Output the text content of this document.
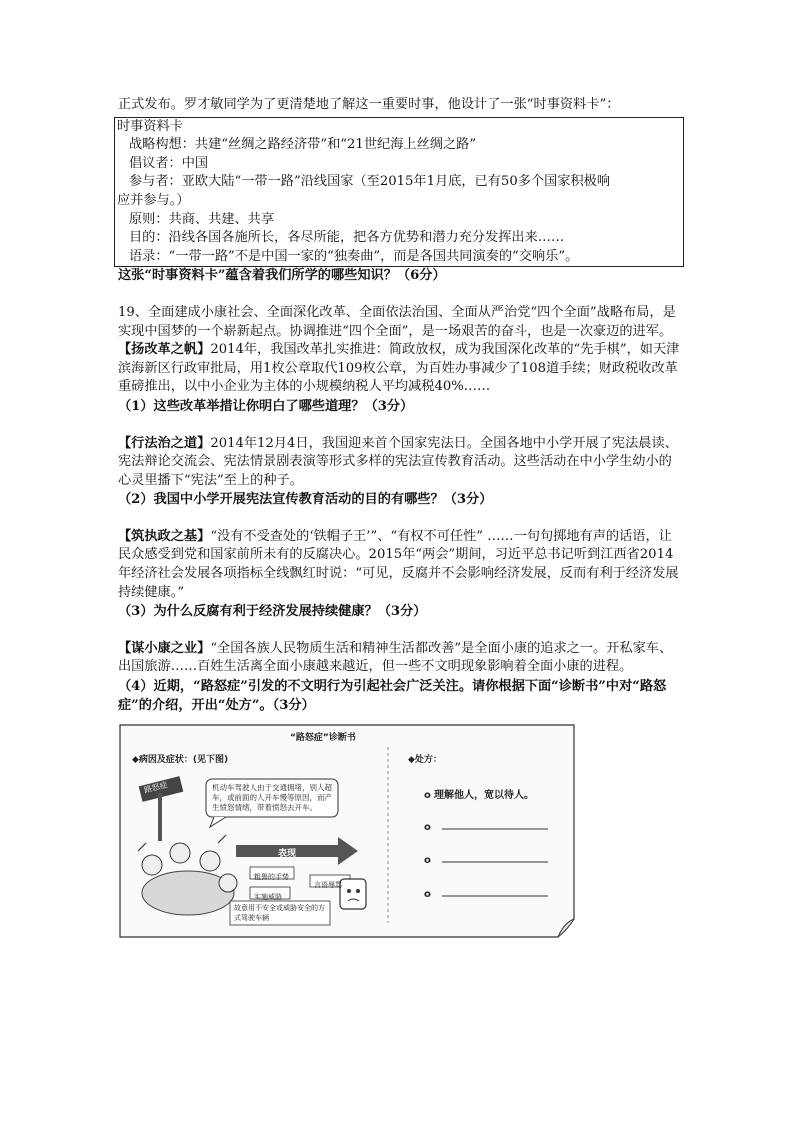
正式发布。罗才敏同学为了更清楚地了解这一重要时事，他设计了一张“时事资料卡”：

时事资料卡

战略构想：共建“丝绸之路经济带”和“21世纪海上丝绸之路”

倡议者：中国

参与者：亚欧大陆“一带一路”沿线国家（至2015年1月底，已有50多个国家积极响

应并参与。）

原则：共商、共建、共享

目的：沿线各国各施所长，各尽所能，把各方优势和潜力充分发挥出来……

语录：“一带一路”不是中国一家的“独奏曲”，而是各国共同演奏的“交响乐”。

这张“时事资料卡”蕴含着我们所学的哪些知识？（6分）

19、全面建成小康社会、全面深化改革、全面依法治国、全面从严治党“四个全面”战略布局，是实现中国梦的一个崭新起点。协调推进“四个全面”，是一场艰苦的奋斗，也是一次豪迈的进军。

【扬改革之帆】2014年，我国改革扎实推进：简政放权，成为我国深化改革的“先手棋”，如天津滨海新区行政审批局，用1枚公章取代109枚公章，为百姓办事减少了108道手续；财政税收改革重磅推出，以中小企业为主体的小规模纳税人平均减税40%……

（1）这些改革举措让你明白了哪些道理？（3分）

【行法治之道】2014年12月4日，我国迎来首个国家宪法日。全国各地中小学开展了宪法晨读、宪法辩论交流会、宪法情景剧表演等形式多样的宪法宣传教育活动。这些活动在中小学生幼小的心灵里播下“宪法”至上的种子。

（2）我国中小学开展宪法宣传教育活动的目的有哪些？（3分）

【筑执政之基】“没有不受查处的‘铁帽子王’”、“有权不可任性” ……一句句掷地有声的话语，让民众感受到党和国家前所未有的反腐决心。2015年“两会”期间，习近平总书记听到江西省2014年经济社会发展各项指标全线飘红时说：“可见，反腐并不会影响经济发展，反而有利于经济发展持续健康。”

（3）为什么反腐有利于经济发展持续健康？（3分）

【谋小康之业】“全国各族人民物质生活和精神生活都改善”是全面小康的追求之一。开私家车、出国旅游……百姓生活离全面小康越来越近，但一些不文明现象影响着全面小康的进程。

（4）近期，“路怒症”引发的不文明行为引起社会广泛关注。请你根据下面“诊断书”中对“路怒症”的介绍，开出“处方”。（3分）

“路怒症”诊断书
◆病因及症状：(见下图)	◆处方：
路怒症	机动车驾驶人由于交通拥堵，别人超车，或前面的人开车慢等原因，而产生愤怒情绪，带着愤怒去开车。
表现
粗鲁的手势
言语辱骂
实施威胁
故意用不安全或威胁安全的方式驾驶车辆
o 理解他人，宽以待人。
o
o
o
